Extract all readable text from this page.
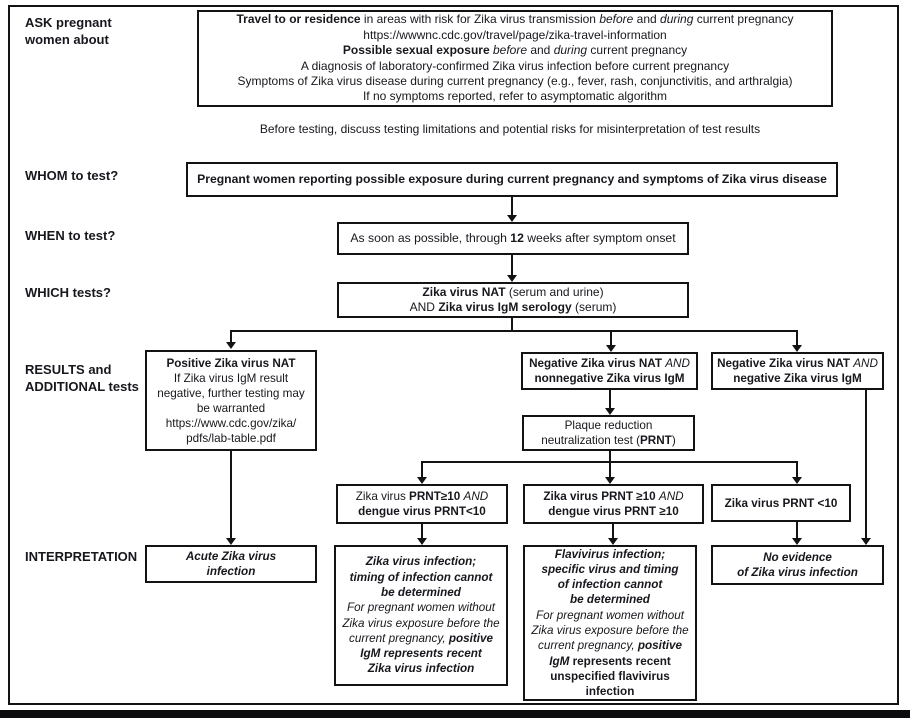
ASK pregnant
women about
WHOM to test?
WHEN to test?
WHICH tests?
RESULTS and
ADDITIONAL tests
INTERPRETATION
Travel to or residence in areas with risk for Zika virus transmission before and during current pregnancy
https://wwwnc.cdc.gov/travel/page/zika-travel-information
Possible sexual exposure before and during current pregnancy
A diagnosis of laboratory-confirmed Zika virus infection before current pregnancy
Symptoms of Zika virus disease during current pregnancy (e.g., fever, rash, conjunctivitis, and arthralgia)
If no symptoms reported, refer to asymptomatic algorithm
Before testing, discuss testing limitations and potential risks for misinterpretation of test results
Pregnant women reporting possible exposure during current pregnancy and symptoms of Zika virus disease
As soon as possible, through 12 weeks after symptom onset
Zika virus NAT (serum and urine)
AND Zika virus IgM serology (serum)
Positive Zika virus NAT
If Zika virus IgM result
negative, further testing may
be warranted
https://www.cdc.gov/zika/
pdfs/lab-table.pdf
Negative Zika virus NAT AND
nonnegative Zika virus IgM
Negative Zika virus NAT AND
negative Zika virus IgM
Plaque reduction
neutralization test (PRNT)
Zika virus PRNT≥10 AND
dengue virus PRNT<10
Zika virus PRNT ≥10 AND
dengue virus PRNT ≥10
Zika virus PRNT <10
Acute Zika virus
infection
Zika virus infection;
timing of infection cannot
be determined
For pregnant women without
Zika virus exposure before the
current pregnancy, positive
IgM represents recent
Zika virus infection
Flavivirus infection;
specific virus and timing
of infection cannot
be determined
For pregnant women without
Zika virus exposure before the
current pregnancy, positive
IgM represents recent
unspecified flavivirus
infection
No evidence
of Zika virus infection
